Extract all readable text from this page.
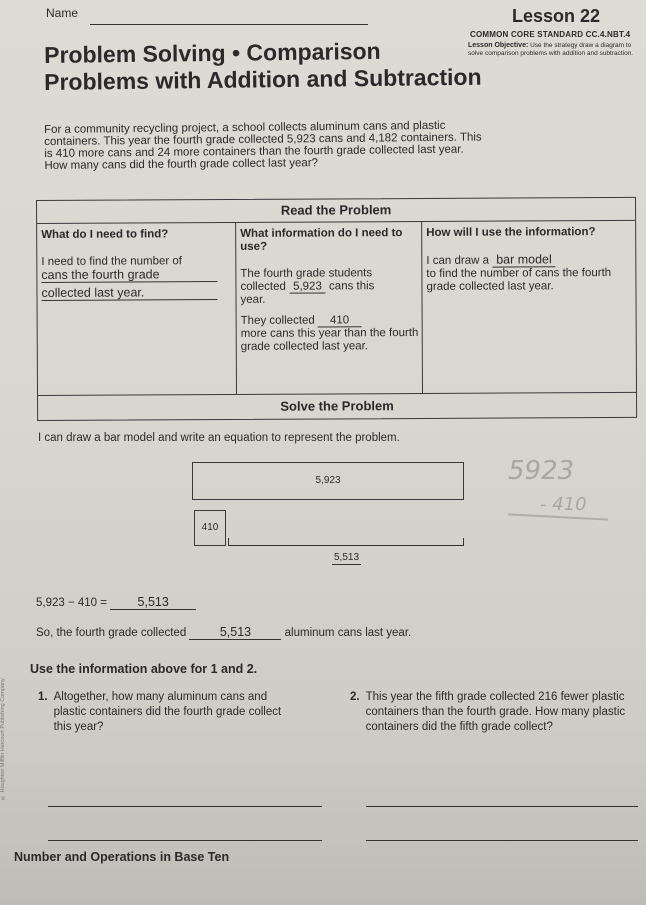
Name	Lesson 22
COMMON CORE STANDARD CC.4.NBT.4
Lesson Objective: Use the strategy draw a diagram to solve comparison problems with addition and subtraction.
Problem Solving • Comparison
Problems with Addition and Subtraction
For a community recycling project, a school collects aluminum cans and plastic containers. This year the fourth grade collected 5,923 cans and 4,182 containers. This is 410 more cans and 24 more containers than the fourth grade collected last year. How many cans did the fourth grade collect last year?
Read the Problem
What do I need to find?
I need to find the number of
cans the fourth grade
collected last year.
What information do I need to use?
The fourth grade students
collected 5,923 cans this
year.
They collected 410
more cans this year than the fourth grade collected last year.
How will I use the information?
I can draw a bar model
to find the number of cans the fourth grade collected last year.
Solve the Problem
I can draw a bar model and write an equation to represent the problem.
5,923
410
5,513
5923
- 410
5,923 − 410 = 5,513
So, the fourth grade collected	5,513	aluminum cans last year.
Use the information above for 1 and 2.
1. Altogether, how many aluminum cans and plastic containers did the fourth grade collect this year?
2. This year the fifth grade collected 216 fewer plastic containers than the fourth grade. How many plastic containers did the fifth grade collect?
Number and Operations in Base Ten
© Houghton Mifflin Harcourt Publishing Company
